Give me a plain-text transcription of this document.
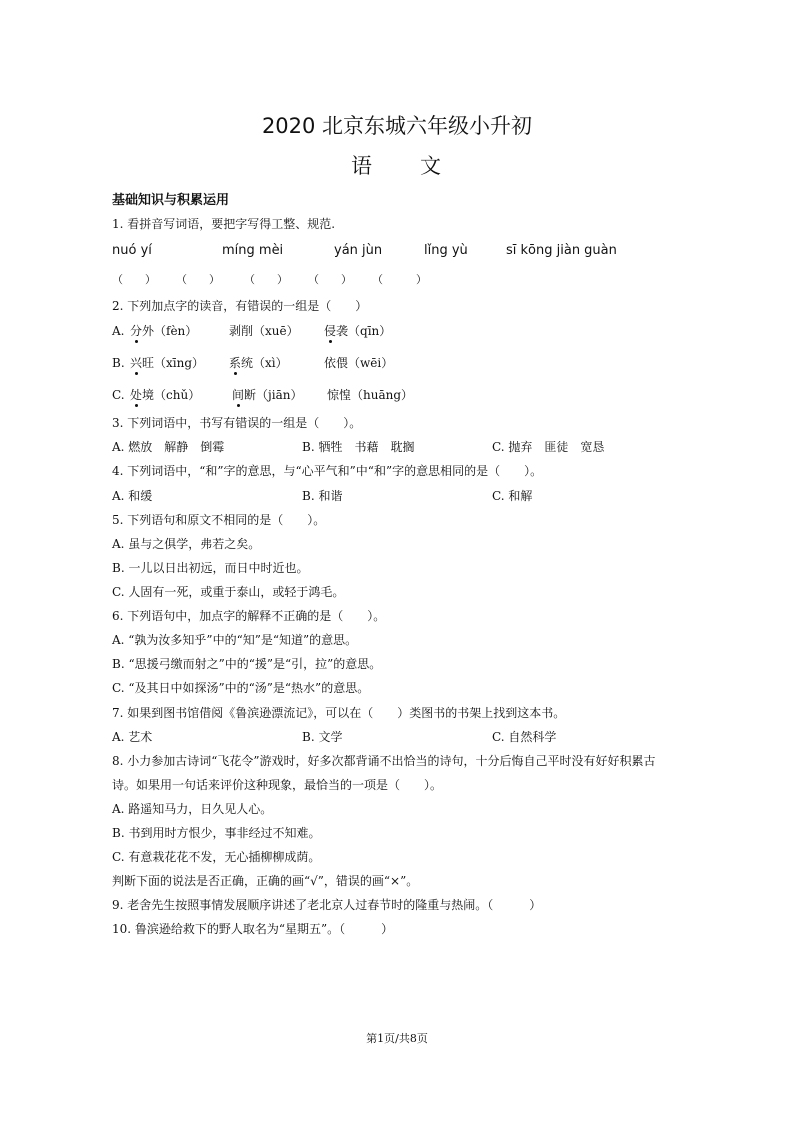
2020 北京东城六年级小升初
语　　文
基础知识与积累运用
1. 看拼音写词语，要把字写得工整、规范.
nuó yí	míng mèi	yán jùn	lǐng yù	sī kōng jiàn guàn
（　　） （　　） （　　） （　　） （　　　）
2. 下列加点字的读音，有错误的一组是（　　）
A. 分外（fèn）	剥削（xuē） 侵袭（qīn）
B. 兴旺（xīng） 系统（xì）	依偎（wēi）
C. 处境（chǔ）	间断（jiān） 惊惶（huāng）
3. 下列词语中，书写有错误的一组是（　　）。
A. 燃放　解静　倒霉	B. 牺牲　书藉　耽搁	C. 抛弃　匪徒　宽恳
4. 下列词语中，“和”字的意思，与“心平气和”中“和”字的意思相同的是（　　）。
A. 和缓	B. 和谐	C. 和解
5. 下列语句和原文不相同的是（　　）。
A. 虽与之俱学，弗若之矣。
B. 一儿以日出初远，而日中时近也。
C. 人固有一死，或重于泰山，或轻于鸿毛。
6. 下列语句中，加点字的解释不正确的是（　　）。
A. “孰为汝多知乎”中的“知”是“知道”的意思。
B. “思援弓缴而射之”中的“援”是“引，拉”的意思。
C. “及其日中如探汤”中的“汤”是“热水”的意思。
7. 如果到图书馆借阅《鲁滨逊漂流记》，可以在（　　）类图书的书架上找到这本书。
A. 艺术	B. 文学	C. 自然科学
8. 小力参加古诗词“飞花令”游戏时，好多次都背诵不出恰当的诗句，十分后悔自己平时没有好好积累古
诗。如果用一句话来评价这种现象，最恰当的一项是（　　）。
A. 路遥知马力，日久见人心。
B. 书到用时方恨少，事非经过不知难。
C. 有意栽花花不发，无心插柳柳成荫。
判断下面的说法是否正确，正确的画“√”，错误的画“×”。
9. 老舍先生按照事情发展顺序讲述了老北京人过春节时的隆重与热闹。（　　　）
10. 鲁滨逊给救下的野人取名为“星期五”。（　　　）
第1页/共8页
